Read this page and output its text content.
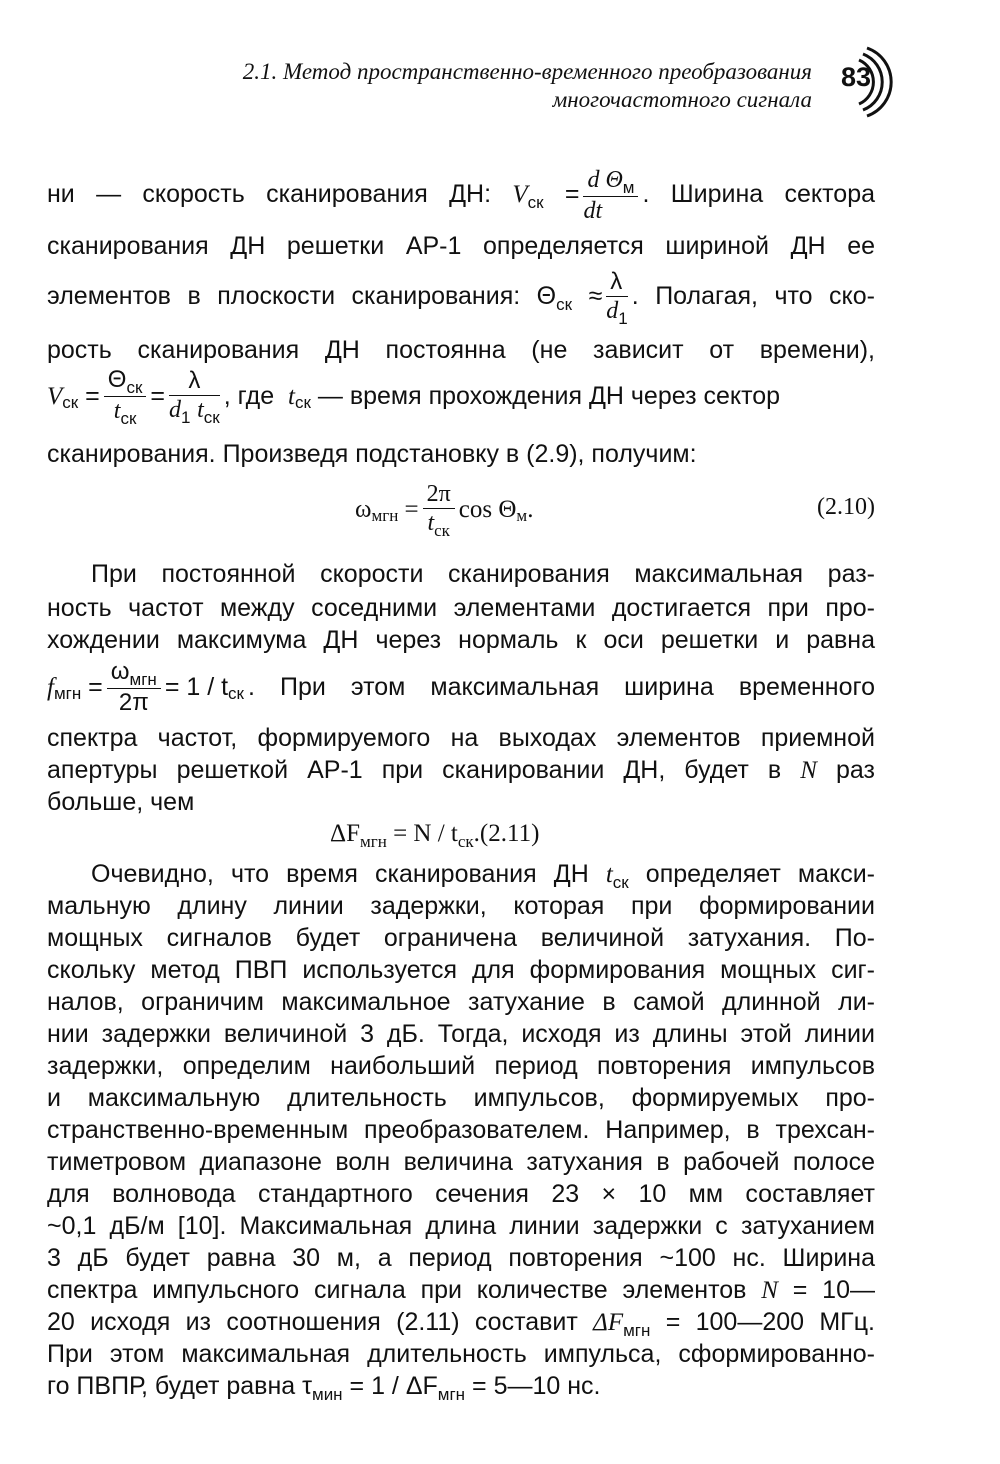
2.1. Метод пространственно-временного преобразования
многочастотного сигнала
83
ни — скорость сканирования ДН: $V_{ск} = \frac{d \Theta_м}{dt}$ . Ширина сектора
сканирования ДН решетки АР-1 определяется шириной ДН ее
элементов в плоскости сканирования: $\Theta_{ск} \approx \frac{\lambda}{d_1}$ . Полагая, что ско-
рость сканирования ДН постоянна (не зависит от времени),
V ск = $\frac{\Theta_{ск}}{t_{ск}} = \frac{\lambda}{d_1 t_{ск}}$ , где
t ск
— время прохождения ДН через сектор
сканирования. Произведя подстановку в (2.9), получим:
ω мгн = $\frac{2\pi}{t_{ск}}$ cos Θ м .	(2.10)
При постоянной скорости сканирования максимальная раз-
ность частот между соседними элементами достигается при про-
хождении максимума ДН через нормаль к оси решетки и равна
f мгн = $\frac{\omega_{мгн}}{2\pi} = 1 / t$ ск . При этом максимальная ширина временного
спектра частот, формируемого на выходах элементов приемной
апертуры решеткой АР-1 при сканировании ДН, будет в N раз
больше, чем
$\Delta F_{мгн} = N / t_{ск}.(2.11)$
Очевидно, что время сканирования ДН $t_{ск}$ определяет макси-
мальную длину линии задержки, которая при формировании
мощных сигналов будет ограничена величиной затухания. По-
скольку метод ПВП используется для формирования мощных сиг-
налов, ограничим максимальное затухание в самой длинной ли-
нии задержки величиной 3 дБ. Тогда, исходя из длины этой линии
задержки, определим наибольший период повторения импульсов
и максимальную длительность импульсов, формируемых про-
странственно-временным преобразователем. Например, в трехсан-
тиметровом диапазоне волн величина затухания в рабочей полосе
для волновода стандартного сечения 23 × 10 мм составляет
~0,1 дБ/м [10]. Максимальная длина линии задержки с затуханием
3 дБ будет равна 30 м, а период повторения ~100 нс. Ширина
спектра импульсного сигнала при количестве элементов N = 10—
20 исходя из соотношения (2.11) составит $\Delta F_{мгн}$ = 100—200 МГц.
При этом максимальная длительность импульса, сформированно-
го ПВПР, будет равна $\tau_{мин} = 1 / \Delta F_{мгн}$ = 5—10 нс.
